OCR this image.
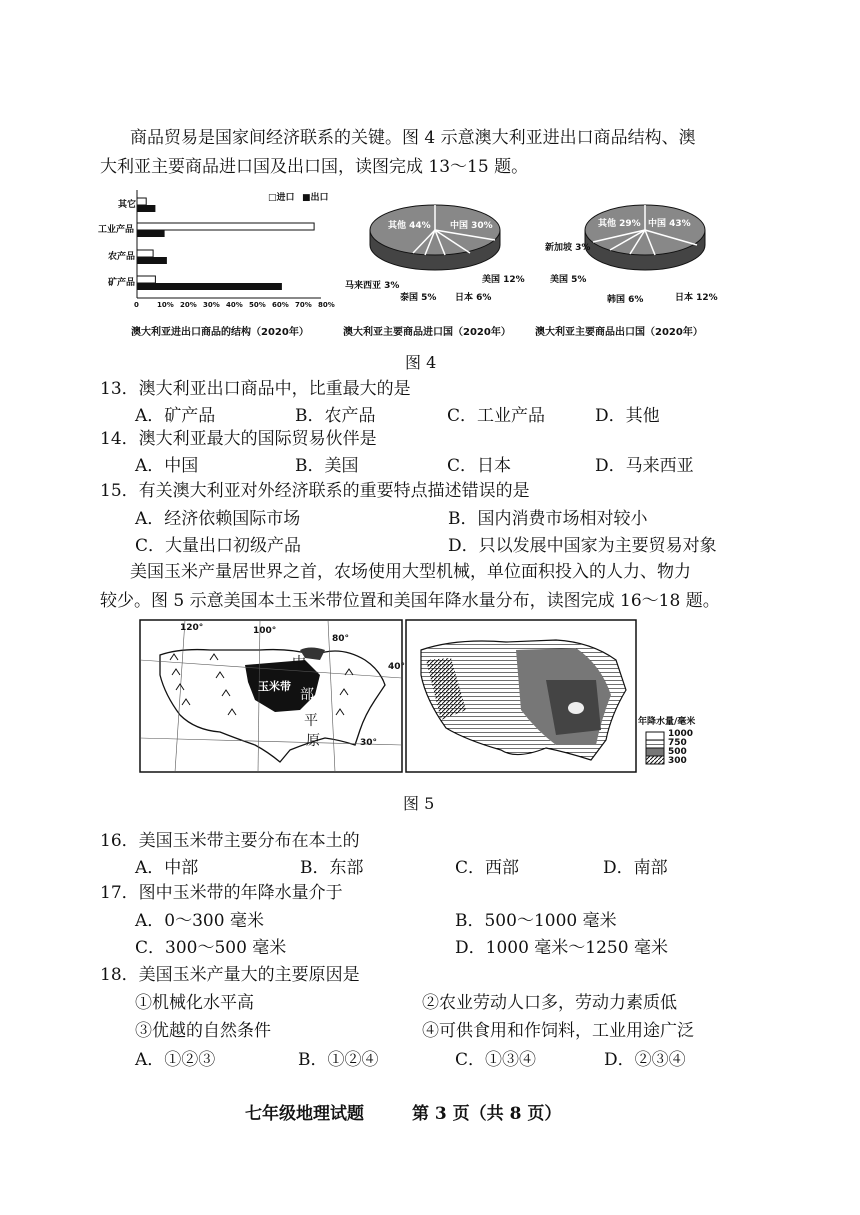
商品贸易是国家间经济联系的关键。图 4 示意澳大利亚进出口商品结构、澳
大利亚主要商品进口国及出口国，读图完成 13～15 题。
□进口 ■出口
其它
工业产品
农产品
矿产品
0	10% 20% 30% 40% 50% 60% 70% 80%
澳大利亚进出口商品的结构（2020年）
其他 44% 中国 30%
美国 12%
日本 6%
泰国 5%
马来西亚 3%
澳大利亚主要商品进口国（2020年）
其他 29% 中国 43%
日本 12%
韩国 6%
美国 5%
新加坡 3%
澳大利亚主要商品出口国（2020年）
图 4
13．澳大利亚出口商品中，比重最大的是
A．矿产品	B．农产品	C．工业产品	D．其他
14．澳大利亚最大的国际贸易伙伴是
A．中国	B．美国	C．日本	D．马来西亚
15．有关澳大利亚对外经济联系的重要特点描述错误的是
A．经济依赖国际市场	B．国内消费市场相对较小
C．大量出口初级产品	D．只以发展中国家为主要贸易对象
美国玉米产量居世界之首，农场使用大型机械，单位面积投入的人力、物力
较少。图 5 示意美国本土玉米带位置和美国年降水量分布，读图完成 16～18 题。
120°	100°
80°
40°
30°
玉米带
中
部
平
原
年降水量/毫米
1000
750
500
300
图 5
16．美国玉米带主要分布在本土的
A．中部	B．东部	C．西部	D．南部
17．图中玉米带的年降水量介于
A．0～300 毫米	B．500～1000 毫米
C．300～500 毫米	D．1000 毫米～1250 毫米
18．美国玉米产量大的主要原因是
①机械化水平高	②农业劳动人口多，劳动力素质低
③优越的自然条件	④可供食用和作饲料，工业用途广泛
A．①②③	B．①②④	C．①③④	D．②③④
七年级地理试题	第 3 页（共 8 页）
